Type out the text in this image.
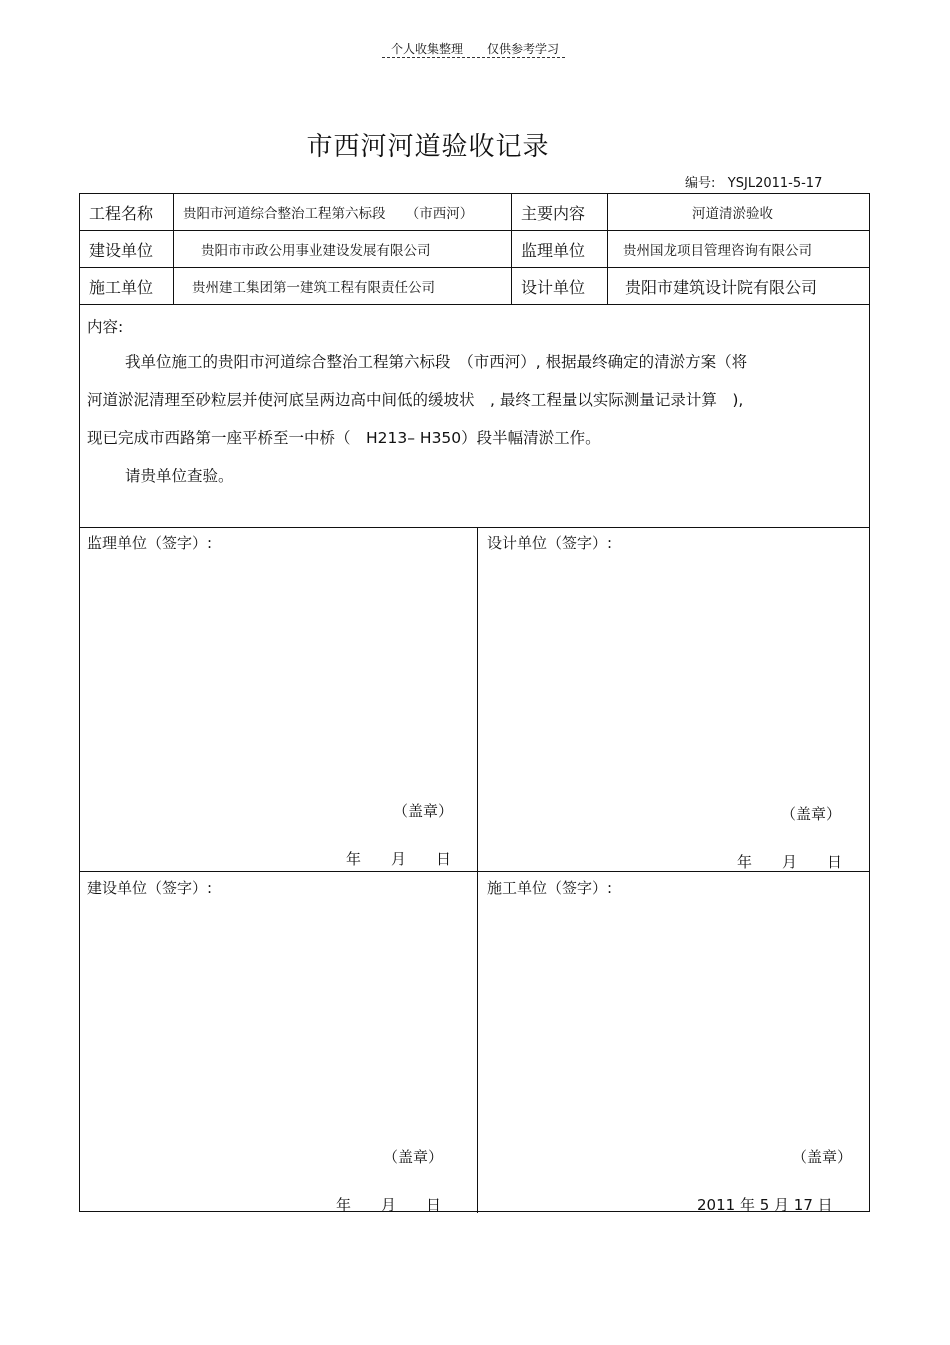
个人收集整理　　仅供参考学习
市西河河道验收记录
编号: YSJL2011-5-17
工程名称 贵阳市河道综合整治工程第六标段　　（市西河）	主要内容	河道清淤验收
建设单位	贵阳市市政公用事业建设发展有限公司	监理单位	贵州国龙项目管理咨询有限公司
施工单位	贵州建工集团第一建筑工程有限责任公司	设计单位 贵阳市建筑设计院有限公司
内容:
我单位施工的贵阳市河道综合整治工程第六标段　（市西河）, 根据最终确定的清淤方案（将
河道淤泥清理至砂粒层并使河底呈两边高中间低的缓坡状　, 最终工程量以实际测量记录计算　),
现已完成市西路第一座平桥至一中桥（　H213– H350）段半幅清淤工作。
请贵单位查验。
监理单位（签字）:
（盖章）
年　　月　　日
设计单位（签字）:
（盖章）
年　　月　　日
建设单位（签字）:
（盖章）
年　　月　　日
施工单位（签字）:
（盖章）
2011 年 5 月 17 日
